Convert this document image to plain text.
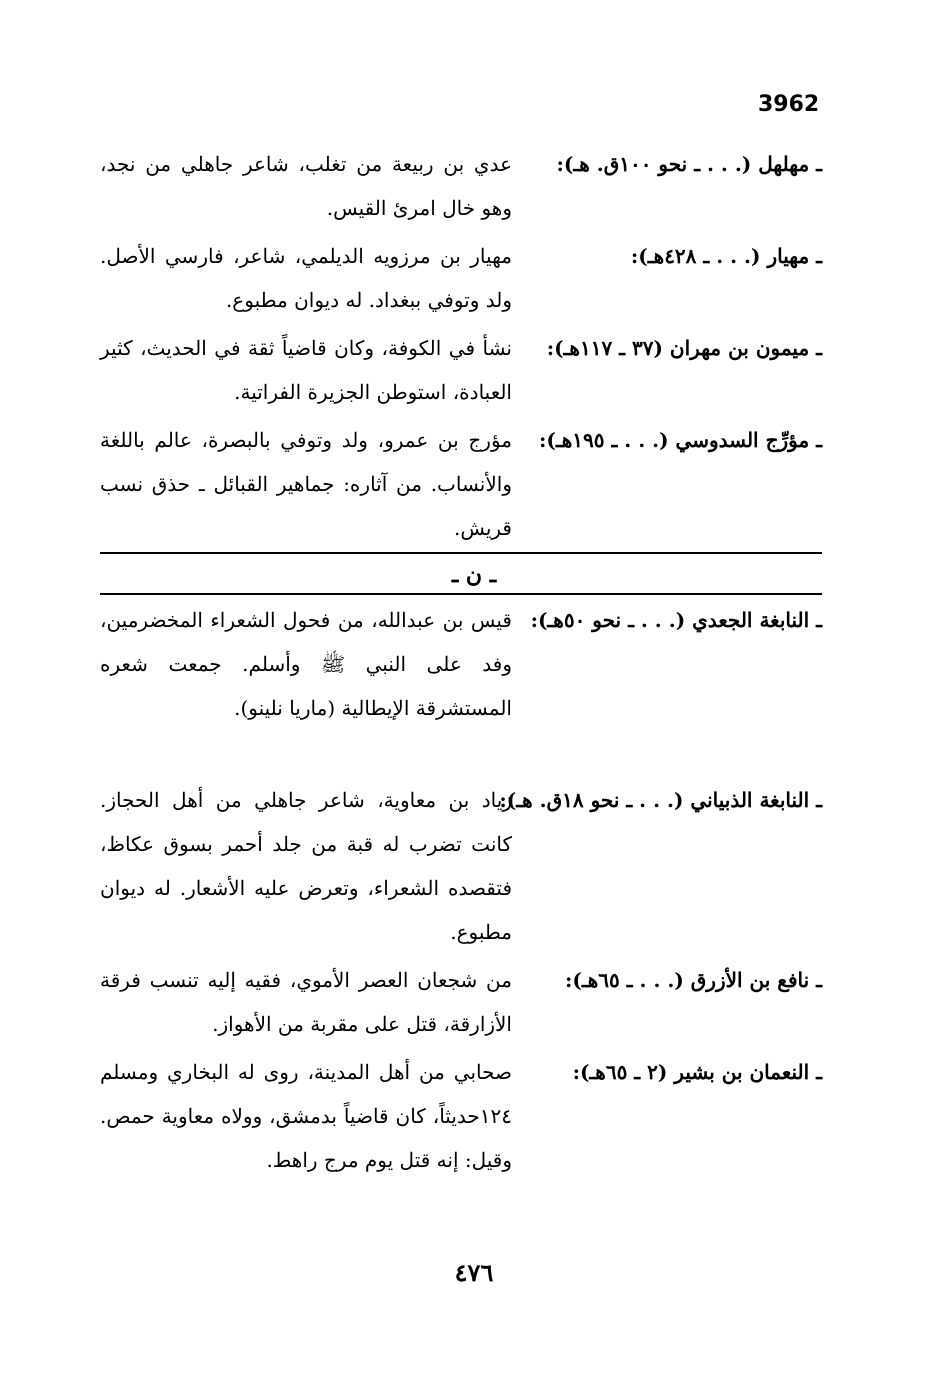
3962
ـ مهلهل (. . . ـ نحو ١٠٠ق. هـ):
عدي بن ربيعة من تغلب، شاعر جاهلي من نجد، وهو خال امرئ القيس.
ـ مهيار (. . . ـ ٤٢٨هـ):
مهيار بن مرزويه الديلمي، شاعر، فارسي الأصل. ولد وتوفي ببغداد. له ديوان مطبوع.
ـ ميمون بن مهران (٣٧ ـ ١١٧هـ):
نشأ في الكوفة، وكان قاضياً ثقة في الحديث، كثير العبادة، استوطن الجزيرة الفراتية.
ـ مؤرِّج السدوسي (. . . ـ ١٩٥هـ):
مؤرج بن عمرو، ولد وتوفي بالبصرة، عالم باللغة والأنساب. من آثاره: جماهير القبائل ـ حذق نسب قريش.
ـ ن ـ
ـ النابغة الجعدي (. . . ـ نحو ٥٠هـ):
قيس بن عبدالله، من فحول الشعراء المخضرمين، وفد على النبي ﷺ وأسلم. جمعت شعره المستشرقة الإيطالية (ماريا نلينو).
ـ النابغة الذبياني (. . . ـ نحو ١٨ق. هـ):
زياد بن معاوية، شاعر جاهلي من أهل الحجاز. كانت تضرب له قبة من جلد أحمر بسوق عكاظ، فتقصده الشعراء، وتعرض عليه الأشعار. له ديوان مطبوع.
ـ نافع بن الأزرق (. . . ـ ٦٥هـ):
من شجعان العصر الأموي، فقيه إليه تنسب فرقة الأزارقة، قتل على مقربة من الأهواز.
ـ النعمان بن بشير (٢ ـ ٦٥هـ):
صحابي من أهل المدينة، روى له البخاري ومسلم ١٢٤حديثاً، كان قاضياً بدمشق، وولاه معاوية حمص. وقيل: إنه قتل يوم مرج راهط.
٤٧٦
